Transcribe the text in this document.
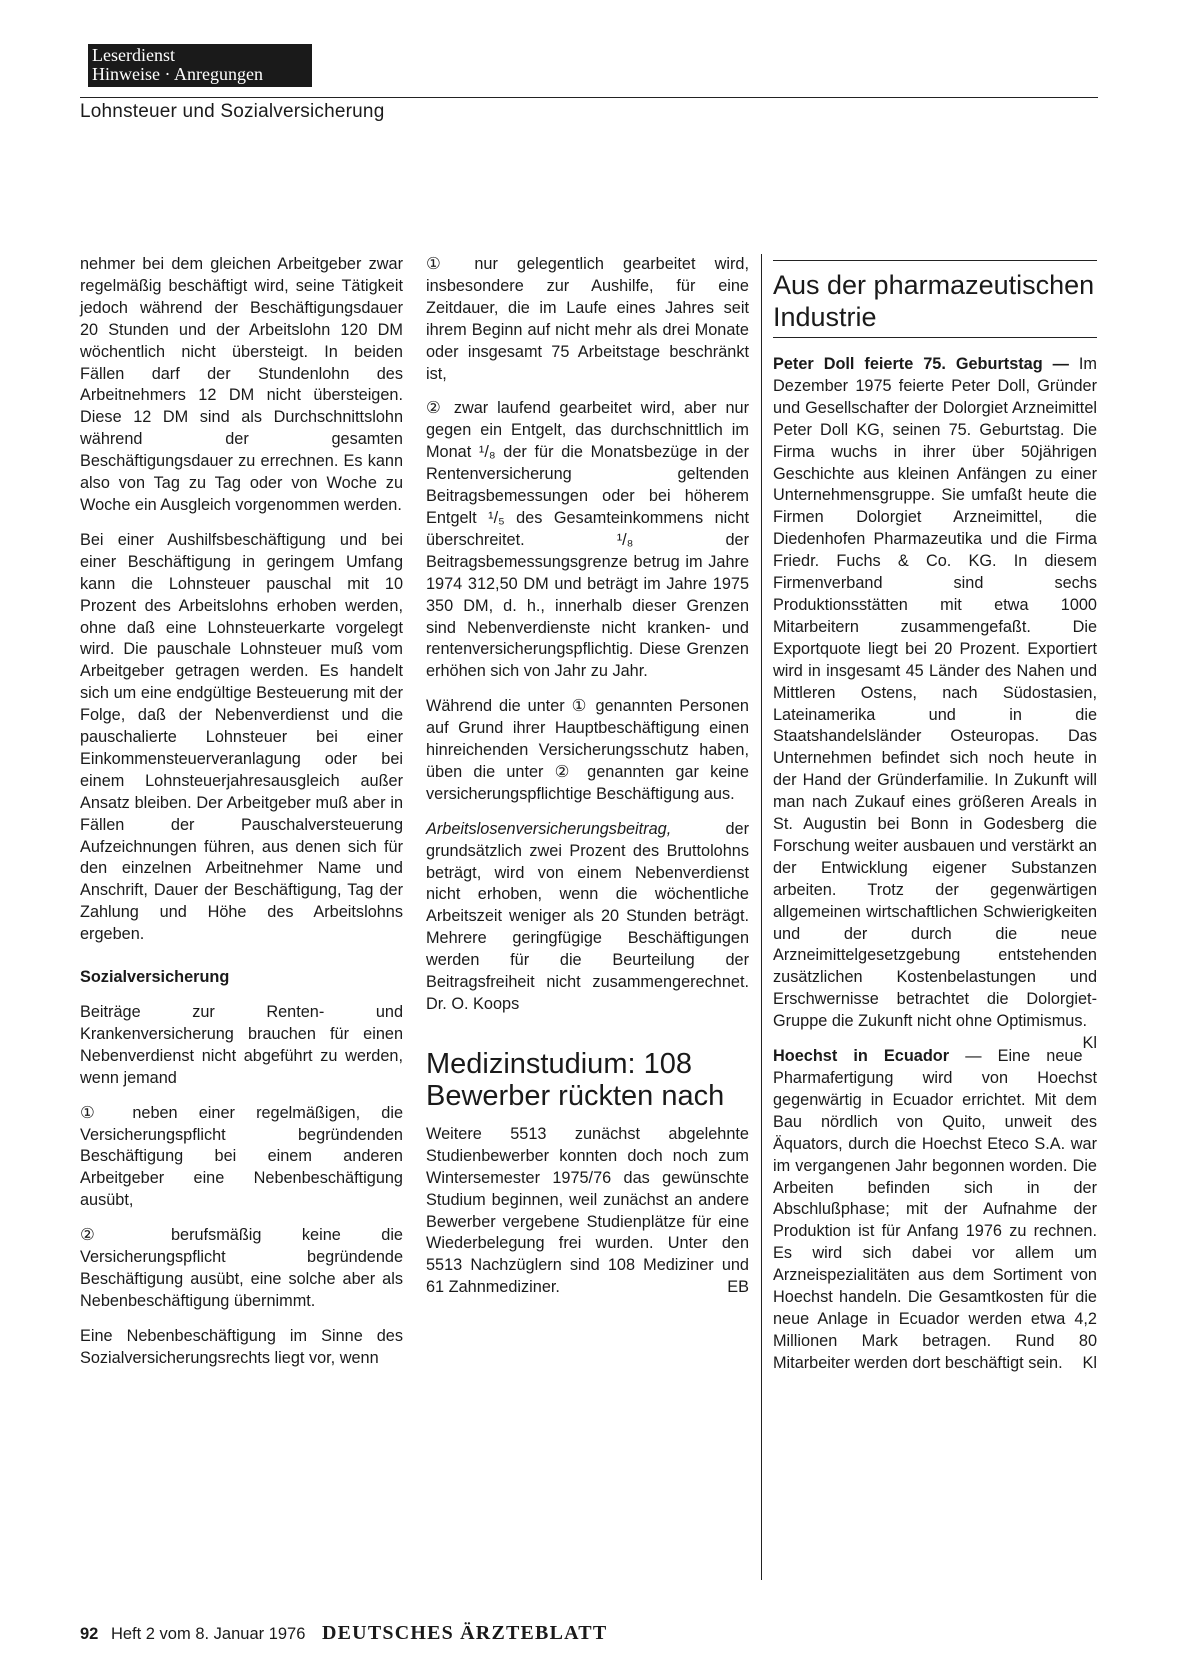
Leserdienst
Hinweise · Anregungen
Lohnsteuer und Sozialversicherung

nehmer bei dem gleichen Arbeitgeber zwar regelmäßig beschäftigt wird, seine Tätigkeit jedoch während der Beschäftigungsdauer 20 Stunden und der Arbeitslohn 120 DM wöchentlich nicht übersteigt. In beiden Fällen darf der Stundenlohn des Arbeitnehmers 12 DM nicht übersteigen. Diese 12 DM sind als Durchschnittslohn während der gesamten Beschäftigungsdauer zu errechnen. Es kann also von Tag zu Tag oder von Woche zu Woche ein Ausgleich vorgenommen werden.

Bei einer Aushilfsbeschäftigung und bei einer Beschäftigung in geringem Umfang kann die Lohnsteuer pauschal mit 10 Prozent des Arbeitslohns erhoben werden, ohne daß eine Lohnsteuerkarte vorgelegt wird. Die pauschale Lohnsteuer muß vom Arbeitgeber getragen werden. Es handelt sich um eine endgültige Besteuerung mit der Folge, daß der Nebenverdienst und die pauschalierte Lohnsteuer bei einer Einkommensteuerveranlagung oder bei einem Lohnsteuerjahresausgleich außer Ansatz bleiben. Der Arbeitgeber muß aber in Fällen der Pauschalversteuerung Aufzeichnungen führen, aus denen sich für den einzelnen Arbeitnehmer Name und Anschrift, Dauer der Beschäftigung, Tag der Zahlung und Höhe des Arbeitslohns ergeben.

Sozialversicherung

Beiträge zur Renten- und Krankenversicherung brauchen für einen Nebenverdienst nicht abgeführt zu werden, wenn jemand

① neben einer regelmäßigen, die Versicherungspflicht begründenden Beschäftigung bei einem anderen Arbeitgeber eine Nebenbeschäftigung ausübt,

② berufsmäßig keine die Versicherungspflicht begründende Beschäftigung ausübt, eine solche aber als Nebenbeschäftigung übernimmt.

Eine Nebenbeschäftigung im Sinne des Sozialversicherungsrechts liegt vor, wenn

① nur gelegentlich gearbeitet wird, insbesondere zur Aushilfe, für eine Zeitdauer, die im Laufe eines Jahres seit ihrem Beginn auf nicht mehr als drei Monate oder insgesamt 75 Arbeitstage beschränkt ist,

② zwar laufend gearbeitet wird, aber nur gegen ein Entgelt, das durchschnittlich im Monat ¹/₈ der für die Monatsbezüge in der Rentenversicherung geltenden Beitragsbemessungen oder bei höherem Entgelt ¹/₅ des Gesamteinkommens nicht überschreitet. ¹/₈ der Beitragsbemessungsgrenze betrug im Jahre 1974 312,50 DM und beträgt im Jahre 1975 350 DM, d. h., innerhalb dieser Grenzen sind Nebenverdienste nicht kranken- und rentenversicherungspflichtig. Diese Grenzen erhöhen sich von Jahr zu Jahr.

Während die unter ① genannten Personen auf Grund ihrer Hauptbeschäftigung einen hinreichenden Versicherungsschutz haben, üben die unter ② genannten gar keine versicherungspflichtige Beschäftigung aus.

Arbeitslosenversicherungsbeitrag,	der grundsätzlich zwei Prozent des Bruttolohns beträgt, wird von einem Nebenverdienst nicht erhoben, wenn die wöchentliche Arbeitszeit weniger als 20 Stunden beträgt. Mehrere geringfügige Beschäftigungen werden für die Beurteilung der Beitragsfreiheit nicht zusammengerechnet. Dr. O. Koops

Medizinstudium: 108 Bewerber rückten nach

Weitere 5513 zunächst abgelehnte Studienbewerber konnten doch noch zum Wintersemester 1975/76 das gewünschte Studium beginnen, weil zunächst an andere Bewerber vergebene Studienplätze für eine Wiederbelegung frei wurden. Unter den 5513 Nachzüglern sind 108 Mediziner und 61 Zahnmediziner.	EB

Aus der pharmazeutischen Industrie

Peter Doll feierte 75. Geburtstag — Im Dezember 1975 feierte Peter Doll, Gründer und Gesellschafter der Dolorgiet Arzneimittel Peter Doll KG, seinen 75. Geburtstag. Die Firma wuchs in ihrer über 50jährigen Geschichte aus kleinen Anfängen zu einer Unternehmensgruppe. Sie umfaßt heute die Firmen Dolorgiet Arzneimittel, die Diedenhofen Pharmazeutika und die Firma Friedr. Fuchs & Co. KG. In diesem Firmenverband sind sechs Produktionsstätten mit etwa 1000 Mitarbeitern zusammengefaßt. Die Exportquote liegt bei 20 Prozent. Exportiert wird in insgesamt 45 Länder des Nahen und Mittleren Ostens, nach Südostasien, Lateinamerika und in die Staatshandelsländer Osteuropas. Das Unternehmen befindet sich noch heute in der Hand der Gründerfamilie. In Zukunft will man nach Zukauf eines größeren Areals in St. Augustin bei Bonn in Godesberg die Forschung weiter ausbauen und verstärkt an der Entwicklung eigener Substanzen arbeiten. Trotz der gegenwärtigen allgemeinen wirtschaftlichen Schwierigkeiten und der durch die neue Arzneimittelgesetzgebung entstehenden zusätzlichen Kostenbelastungen und Erschwernisse betrachtet die Dolorgiet-Gruppe die Zukunft nicht ohne Optimismus.
Kl

Hoechst in Ecuador — Eine neue Pharmafertigung wird von Hoechst gegenwärtig in Ecuador errichtet. Mit dem Bau nördlich von Quito, unweit des Äquators, durch die Hoechst Eteco S.A. war im vergangenen Jahr begonnen worden. Die Arbeiten befinden sich in der Abschlußphase; mit der Aufnahme der Produktion ist für Anfang 1976 zu rechnen. Es wird sich dabei vor allem um Arzneispezialitäten aus dem Sortiment von Hoechst handeln. Die Gesamtkosten für die neue Anlage in Ecuador werden etwa 4,2 Millionen Mark betragen. Rund 80 Mitarbeiter werden dort beschäftigt sein. Kl

92 Heft 2 vom 8. Januar 1976 DEUTSCHES ÄRZTEBLATT
